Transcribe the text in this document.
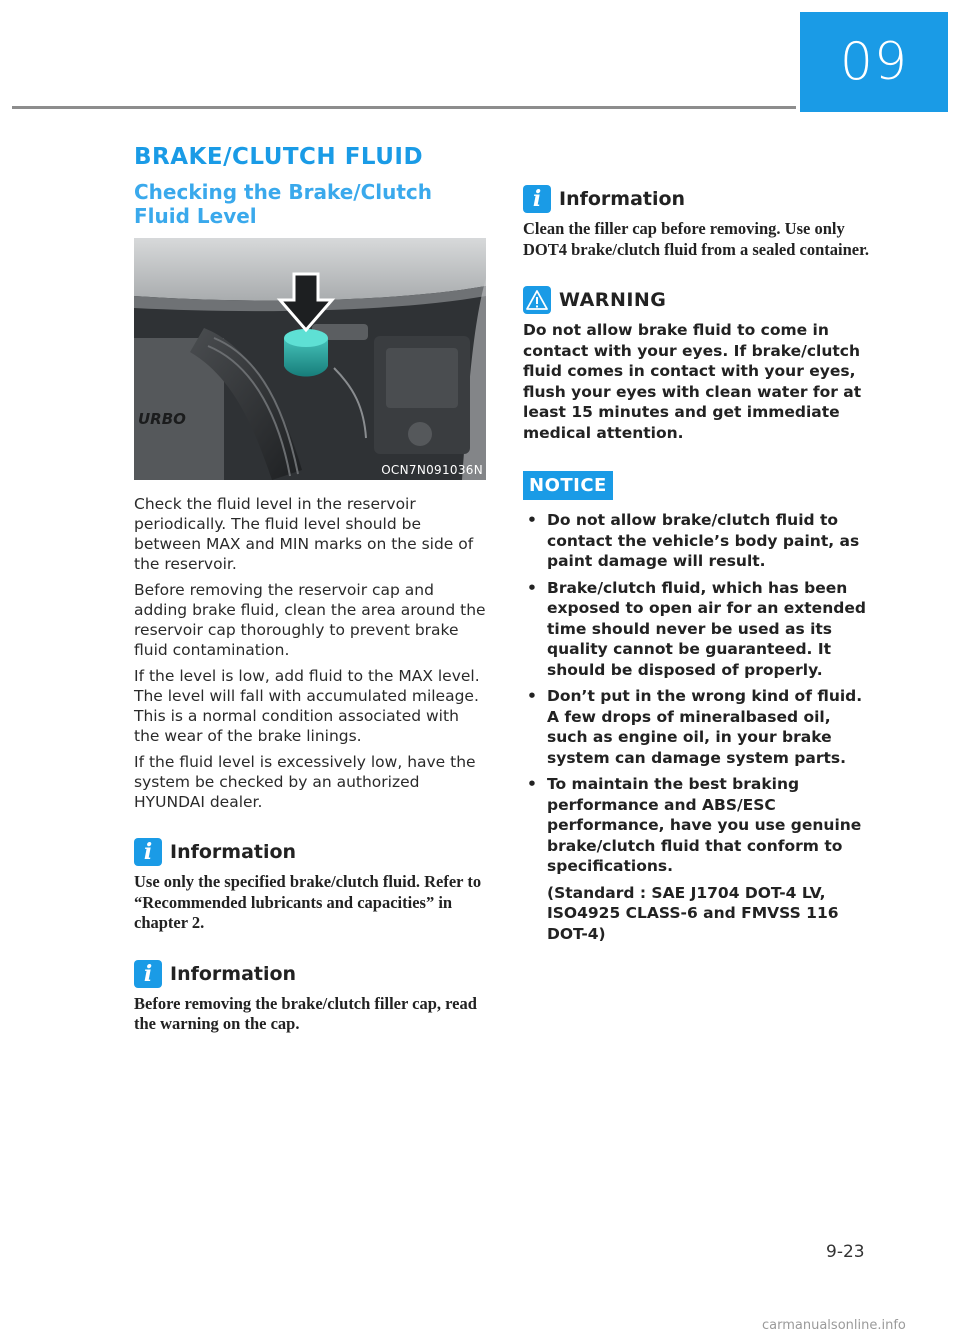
09
BRAKE/CLUTCH FLUID
Checking the Brake/Clutch Fluid Level
URBO
OCN7N091036N

Check the fluid level in the reservoir periodically. The fluid level should be between MAX and MIN marks on the side of the reservoir.

Before removing the reservoir cap and adding brake fluid, clean the area around the reservoir cap thoroughly to prevent brake fluid contamination.

If the level is low, add fluid to the MAX level. The level will fall with accumulated mileage. This is a normal condition associated with the wear of the brake linings.

If the fluid level is excessively low, have the system be checked by an authorized HYUNDAI dealer.

i Information

Use only the specified brake/clutch fluid. Refer to “Recommended lubricants and capacities” in chapter 2.

i Information

Before removing the brake/clutch filler cap, read the warning on the cap.

i Information

Clean the filler cap before removing. Use only DOT4 brake/clutch fluid from a sealed container.

WARNING

Do not allow brake fluid to come in contact with your eyes. If brake/clutch fluid comes in contact with your eyes, flush your eyes with clean water for at least 15 minutes and get immediate medical attention.

NOTICE
• Do not allow brake/clutch fluid to contact the vehicle’s body paint, as paint damage will result.
• Brake/clutch fluid, which has been exposed to open air for an extended time should never be used as its quality cannot be guaranteed. It should be disposed of properly.
• Don’t put in the wrong kind of fluid. A few drops of mineralbased oil, such as engine oil, in your brake system can damage system parts.
• To maintain the best braking performance and ABS/ESC performance, have you use genuine brake/clutch fluid that conform to specifications.

(Standard : SAE J1704 DOT-4 LV, ISO4925 CLASS-6 and FMVSS 116 DOT-4)

9-23
carmanualsonline.info
